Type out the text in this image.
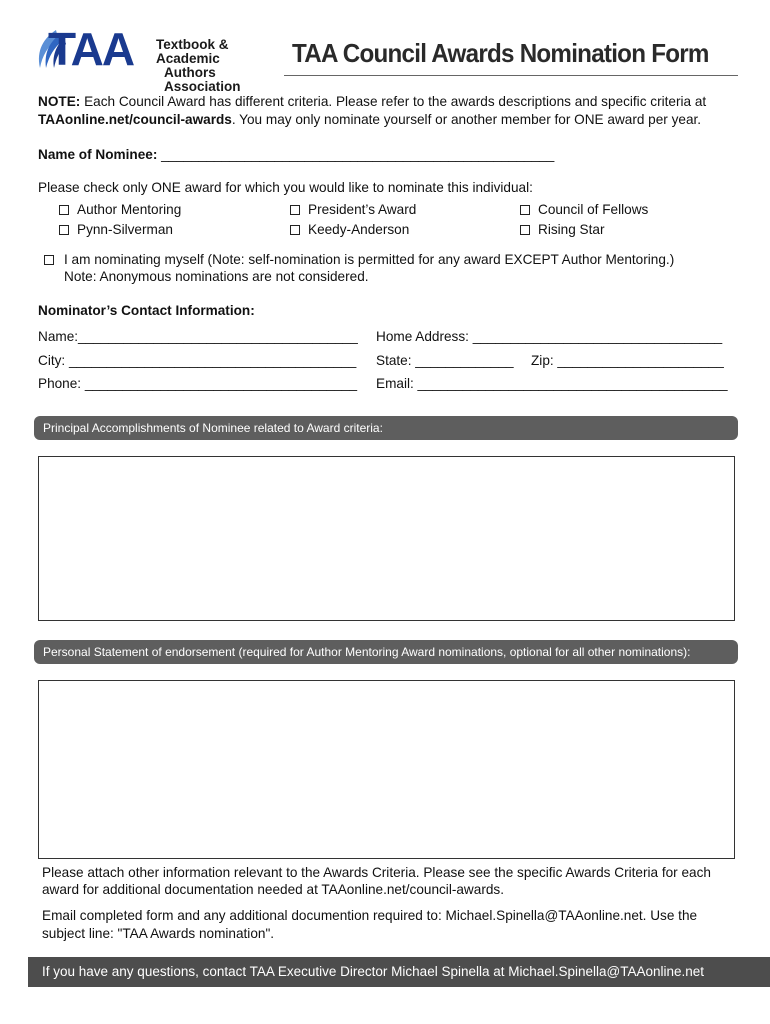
TAA Textbook & Academic
Authors Association
TAA Council Awards Nomination Form
NOTE: Each Council Award has different criteria. Please refer to the awards descriptions and specific criteria at
TAAonline.net/council-awards. You may only nominate yourself or another member for ONE award per year.
Name of Nominee: ____________________________________________________
Please check only ONE award for which you would like to nominate this individual:
Author Mentoring	President’s Award	Council of Fellows
Pynn-Silverman	Keedy-Anderson	Rising Star
I am nominating myself (Note: self-nomination is permitted for any award EXCEPT Author Mentoring.)
Note: Anonymous nominations are not considered.
Nominator’s Contact Information:
Name:_____________________________________ Home Address: _________________________________
City: ______________________________________ State: _____________ Zip: ______________________
Phone: ____________________________________ Email: _________________________________________
Principal Accomplishments of Nominee related to Award criteria:
Personal Statement of endorsement (required for Author Mentoring Award nominations, optional for all other nominations):
Please attach other information relevant to the Awards Criteria. Please see the specific Awards Criteria for each
award for additional documentation needed at TAAonline.net/council-awards.
Email completed form and any additional documention required to: Michael.Spinella@TAAonline.net. Use the
subject line: "TAA Awards nomination".
If you have any questions, contact TAA Executive Director Michael Spinella at Michael.Spinella@TAAonline.net
